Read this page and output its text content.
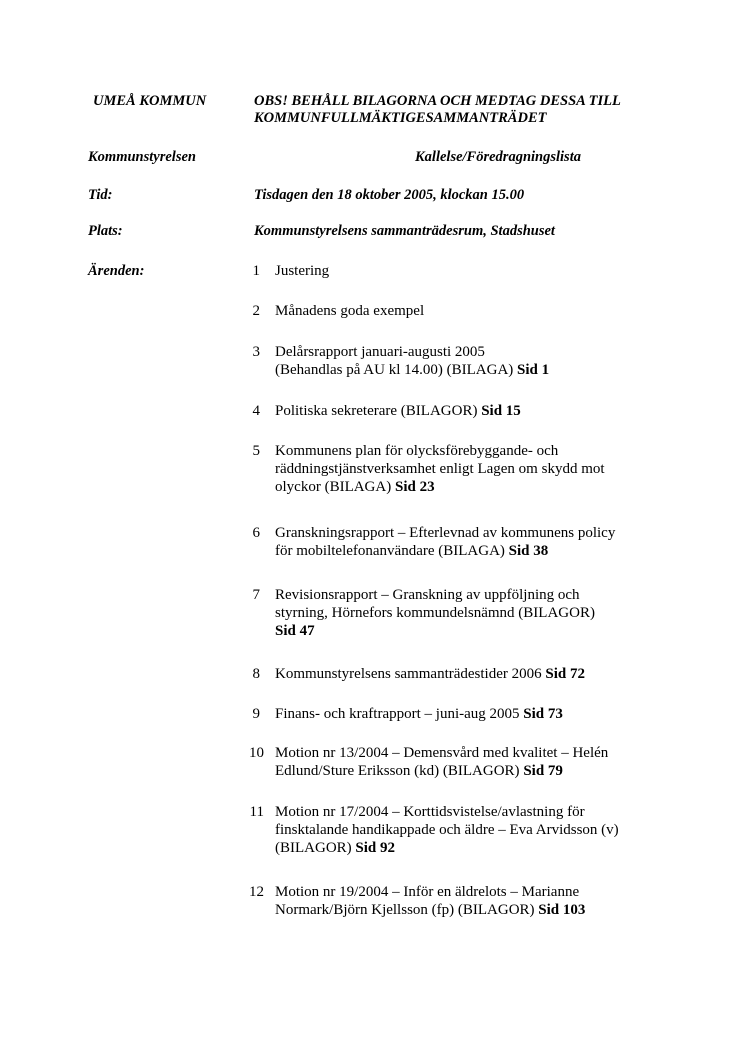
UMEÅ KOMMUN	OBS! BEHÅLL BILAGORNA OCH MEDTAG DESSA TILL
KOMMUNFULLMÄKTIGESAMMANTRÄDET
Kommunstyrelsen	Kallelse/Föredragningslista
Tid:	Tisdagen den 18 oktober 2005, klockan 15.00
Plats:	Kommunstyrelsens sammanträdesrum, Stadshuset
Ärenden:	1 Justering
2 Månadens goda exempel
3 Delårsrapport januari-augusti 2005
(Behandlas på AU kl 14.00) (BILAGA) Sid 1
4 Politiska sekreterare (BILAGOR) Sid 15
5 Kommunens plan för olycksförebyggande- och
räddningstjänstverksamhet enligt Lagen om skydd mot
olyckor (BILAGA) Sid 23
6 Granskningsrapport – Efterlevnad av kommunens policy
för mobiltelefonanvändare (BILAGA) Sid 38
7 Revisionsrapport – Granskning av uppföljning och
styrning, Hörnefors kommundelsnämnd (BILAGOR)
Sid 47
8 Kommunstyrelsens sammanträdestider 2006 Sid 72
9 Finans- och kraftrapport – juni-aug 2005 Sid 73
10 Motion nr 13/2004 – Demensvård med kvalitet – Helén
Edlund/Sture Eriksson (kd) (BILAGOR) Sid 79
11 Motion nr 17/2004 – Korttidsvistelse/avlastning för
finsktalande handikappade och äldre – Eva Arvidsson (v)
(BILAGOR) Sid 92
12 Motion nr 19/2004 – Inför en äldrelots – Marianne
Normark/Björn Kjellsson (fp) (BILAGOR) Sid 103
